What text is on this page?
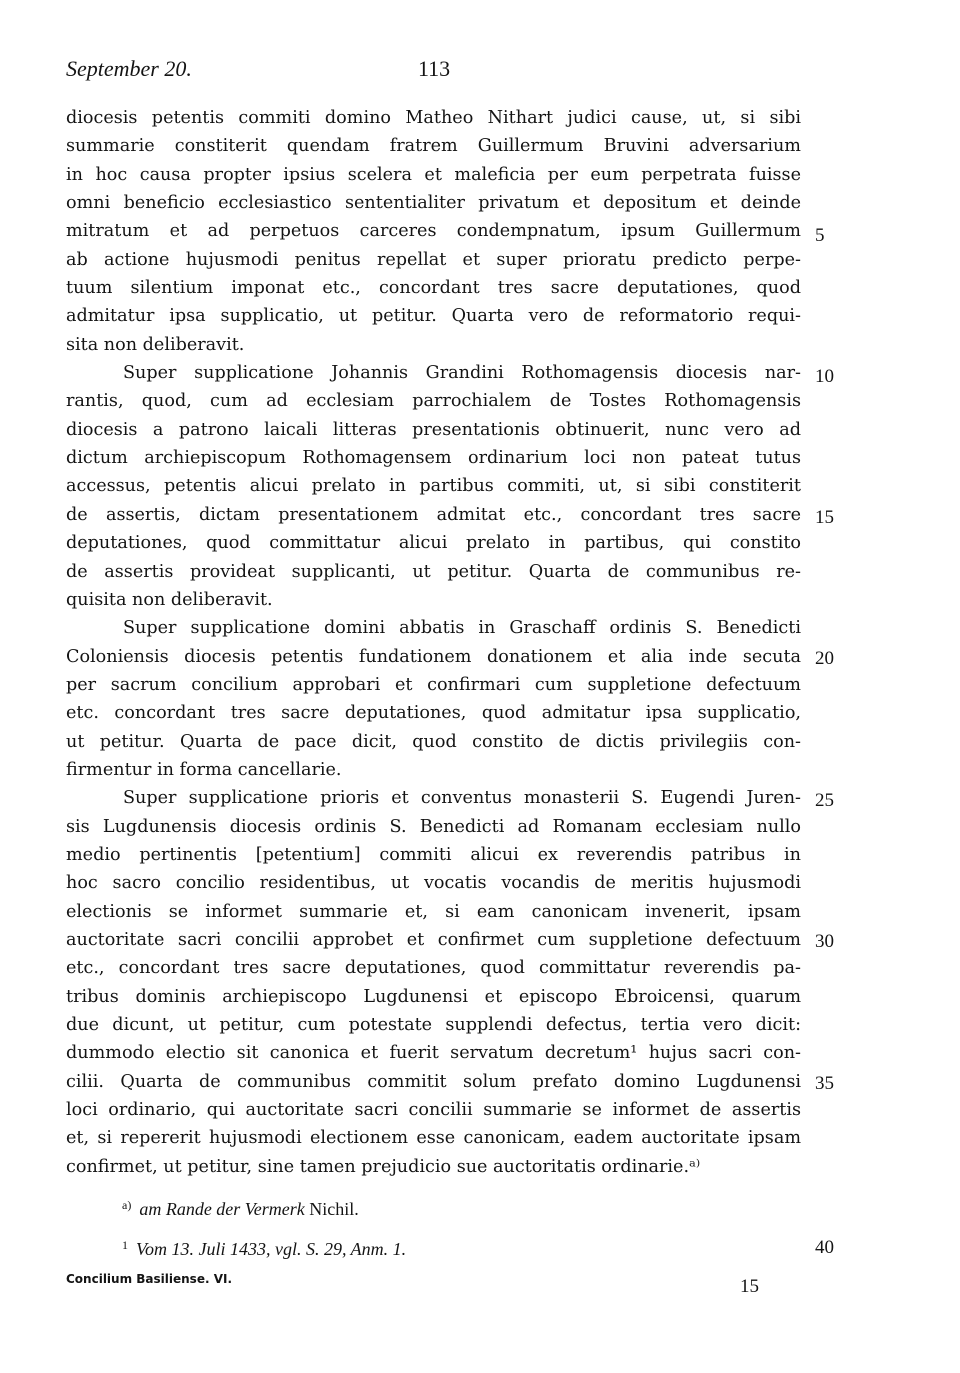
September 20.	113
diocesis petentis commiti domino Matheo Nithart judici cause, ut, si sibi
summarie constiterit quendam fratrem Guillermum Bruvini adversarium
in hoc causa propter ipsius scelera et maleficia per eum perpetrata fuisse
omni beneficio ecclesiastico sententialiter privatum et depositum et deinde
mitratum et ad perpetuos carceres condempnatum, ipsum Guillermum
ab actione hujusmodi penitus repellat et super prioratu predicto perpe-
tuum silentium imponat etc., concordant tres sacre deputationes, quod
admitatur ipsa supplicatio, ut petitur. Quarta vero de reformatorio requi-
sita non deliberavit.
Super supplicatione Johannis Grandini Rothomagensis diocesis nar-
rantis, quod, cum ad ecclesiam parrochialem de Tostes Rothomagensis
diocesis a patrono laicali litteras presentationis obtinuerit, nunc vero ad
dictum archiepiscopum Rothomagensem ordinarium loci non pateat tutus
accessus, petentis alicui prelato in partibus commiti, ut, si sibi constiterit
de assertis, dictam presentationem admitat etc., concordant tres sacre
deputationes, quod committatur alicui prelato in partibus, qui constito
de assertis provideat supplicanti, ut petitur. Quarta de communibus re-
quisita non deliberavit.
Super supplicatione domini abbatis in Graschaff ordinis S. Benedicti
Coloniensis diocesis petentis fundationem donationem et alia inde secuta
per sacrum concilium approbari et confirmari cum suppletione defectuum
etc. concordant tres sacre deputationes, quod admitatur ipsa supplicatio,
ut petitur. Quarta de pace dicit, quod constito de dictis privilegiis con-
firmentur in forma cancellarie.
Super supplicatione prioris et conventus monasterii S. Eugendi Juren-
sis Lugdunensis diocesis ordinis S. Benedicti ad Romanam ecclesiam nullo
medio pertinentis [petentium] commiti alicui ex reverendis patribus in
hoc sacro concilio residentibus, ut vocatis vocandis de meritis hujusmodi
electionis se informet summarie et, si eam canonicam invenerit, ipsam
auctoritate sacri concilii approbet et confirmet cum suppletione defectuum
etc., concordant tres sacre deputationes, quod committatur reverendis pa-
tribus dominis archiepiscopo Lugdunensi et episcopo Ebroicensi, quarum
due dicunt, ut petitur, cum potestate supplendi defectus, tertia vero dicit:
dummodo electio sit canonica et fuerit servatum decretum¹ hujus sacri con-
cilii. Quarta de communibus commitit solum prefato domino Lugdunensi
loci ordinario, qui auctoritate sacri concilii summarie se informet de assertis
et, si repererit hujusmodi electionem esse canonicam, eadem auctoritate ipsam
confirmet, ut petitur, sine tamen prejudicio sue auctoritatis ordinarie.ᵃ⁾
5
10
15
20
25
30
35
40
$^{a)}$ am Rande der Vermerk Nichil.
$^1$ Vom 13. Juli 1433, vgl. S. 29, Anm. 1.
Concilium Basiliense. VI.	15
